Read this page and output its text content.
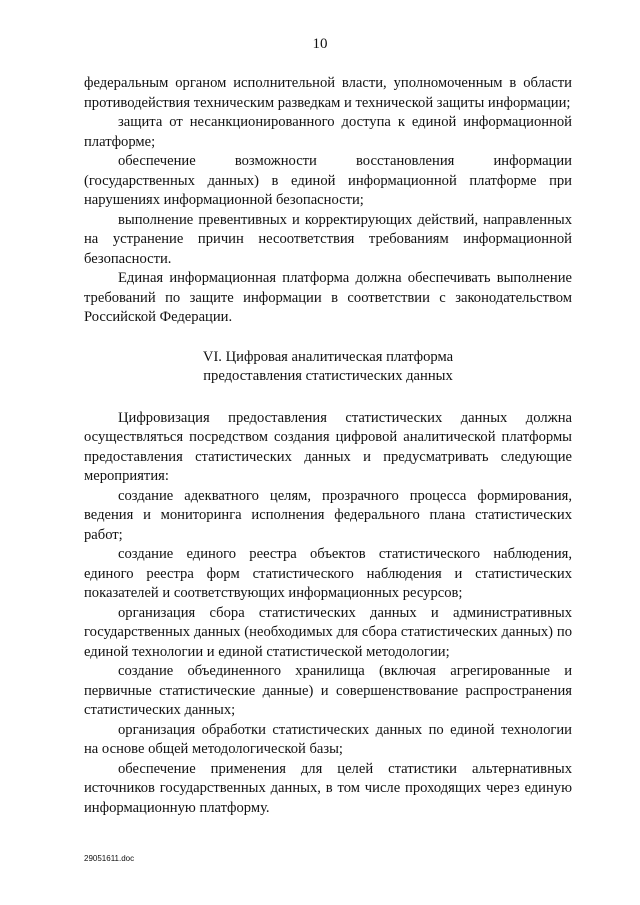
10

федеральным органом исполнительной власти, уполномоченным в области противодействия техническим разведкам и технической защиты информации;

защита от несанкционированного доступа к единой информационной платформе;

обеспечение возможности восстановления информации (государственных данных) в единой информационной платформе при нарушениях информационной безопасности;

выполнение превентивных и корректирующих действий, направленных на устранение причин несоответствия требованиям информационной безопасности.

Единая информационная платформа должна обеспечивать выполнение требований по защите информации в соответствии с законодательством Российской Федерации.

VI. Цифровая аналитическая платформа
предоставления статистических данных

Цифровизация предоставления статистических данных должна осуществляться посредством создания цифровой аналитической платформы предоставления статистических данных и предусматривать следующие мероприятия:

создание адекватного целям, прозрачного процесса формирования, ведения и мониторинга исполнения федерального плана статистических работ;

создание единого реестра объектов статистического наблюдения, единого реестра форм статистического наблюдения и статистических показателей и соответствующих информационных ресурсов;

организация сбора статистических данных и административных государственных данных (необходимых для сбора статистических данных) по единой технологии и единой статистической методологии;

создание объединенного хранилища (включая агрегированные и первичные статистические данные) и совершенствование распространения статистических данных;

организация обработки статистических данных по единой технологии на основе общей методологической базы;

обеспечение применения для целей статистики альтернативных источников государственных данных, в том числе проходящих через единую информационную платформу.

29051611.doc
